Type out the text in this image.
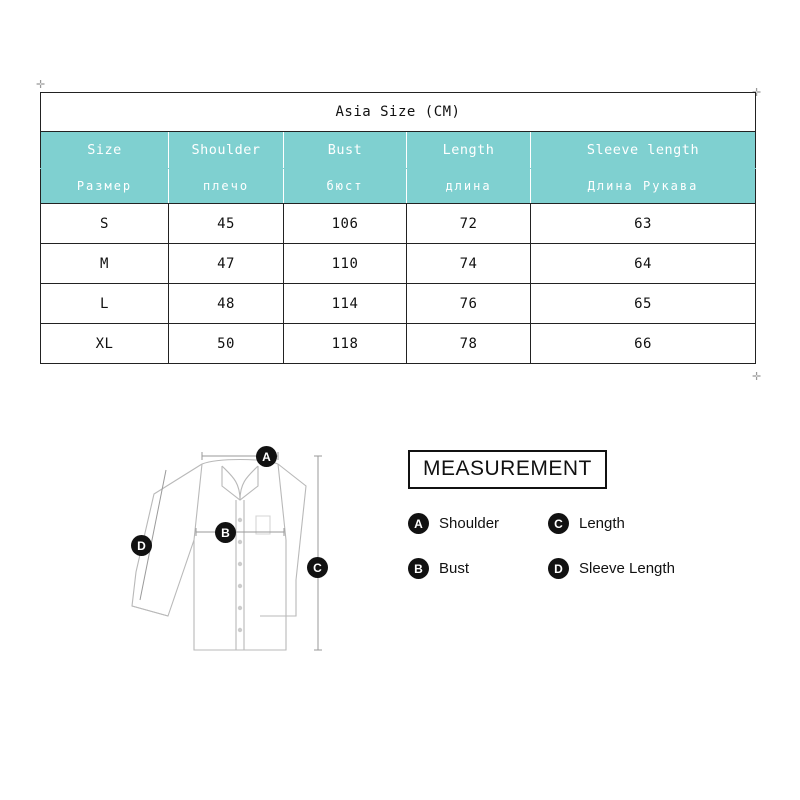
✛
✛
✛
Asia Size (CM)				
Size	Shoulder	Bust	Length	Sleeve length
Размер	плечо	бюст	длина	Длина Рукава
S	45	106	72	63
M	47	110	74	64
L	48	114	76	65
XL	50	118	78	66
A
B
C
D
MEASUREMENT
A	Shoulder	C	Length
B	Bust	D	Sleeve Length
